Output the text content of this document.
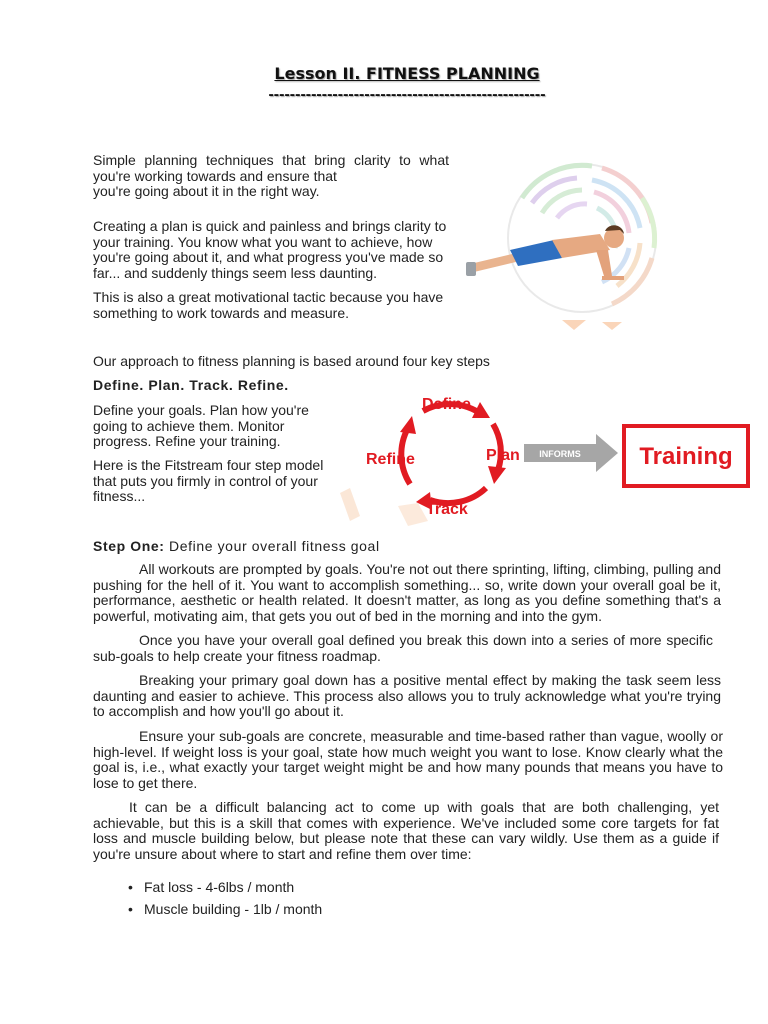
Lesson II. FITNESS PLANNING
----------------------------------------------------
Simple planning techniques that bring clarity to what
you're working towards and ensure that
you're going about it in the right way.
Creating a plan is quick and painless and brings clarity to your training. You know what you want to achieve, how you're going about it, and what progress you've made so far... and suddenly things seem less daunting.
This is also a great motivational tactic because you have something to work towards and measure.
Our approach to fitness planning is based around four key steps
Define. Plan. Track. Refine.
Define your goals. Plan how you're going to achieve them. Monitor progress. Refine your training.
Here is the Fitstream four step model that puts you firmly in control of your fitness...
Define
Plan
Track
Refine	INFORMS Training
Step One: Define your overall fitness goal
All workouts are prompted by goals. You're not out there sprinting, lifting, climbing, pulling and pushing for the hell of it. You want to accomplish something... so, write down your overall goal be it, performance, aesthetic or health related. It doesn't matter, as long as you define something that's a powerful, motivating aim, that gets you out of bed in the morning and into the gym.
Once you have your overall goal defined you break this down into a series of more specific sub-goals to help create your fitness roadmap.
Breaking your primary goal down has a positive mental effect by making the task seem less daunting and easier to achieve. This process also allows you to truly acknowledge what you're trying to accomplish and how you'll go about it.
Ensure your sub-goals are concrete, measurable and time-based rather than vague, woolly or high-level. If weight loss is your goal, state how much weight you want to lose. Know clearly what the goal is, i.e., what exactly your target weight might be and how many pounds that means you have to lose to get there.
It can be a difficult balancing act to come up with goals that are both challenging, yet achievable, but this is a skill that comes with experience. We've included some core targets for fat loss and muscle building below, but please note that these can vary wildly. Use them as a guide if you're unsure about where to start and refine them over time:
• Fat loss - 4-6lbs / month
• Muscle building - 1lb / month
